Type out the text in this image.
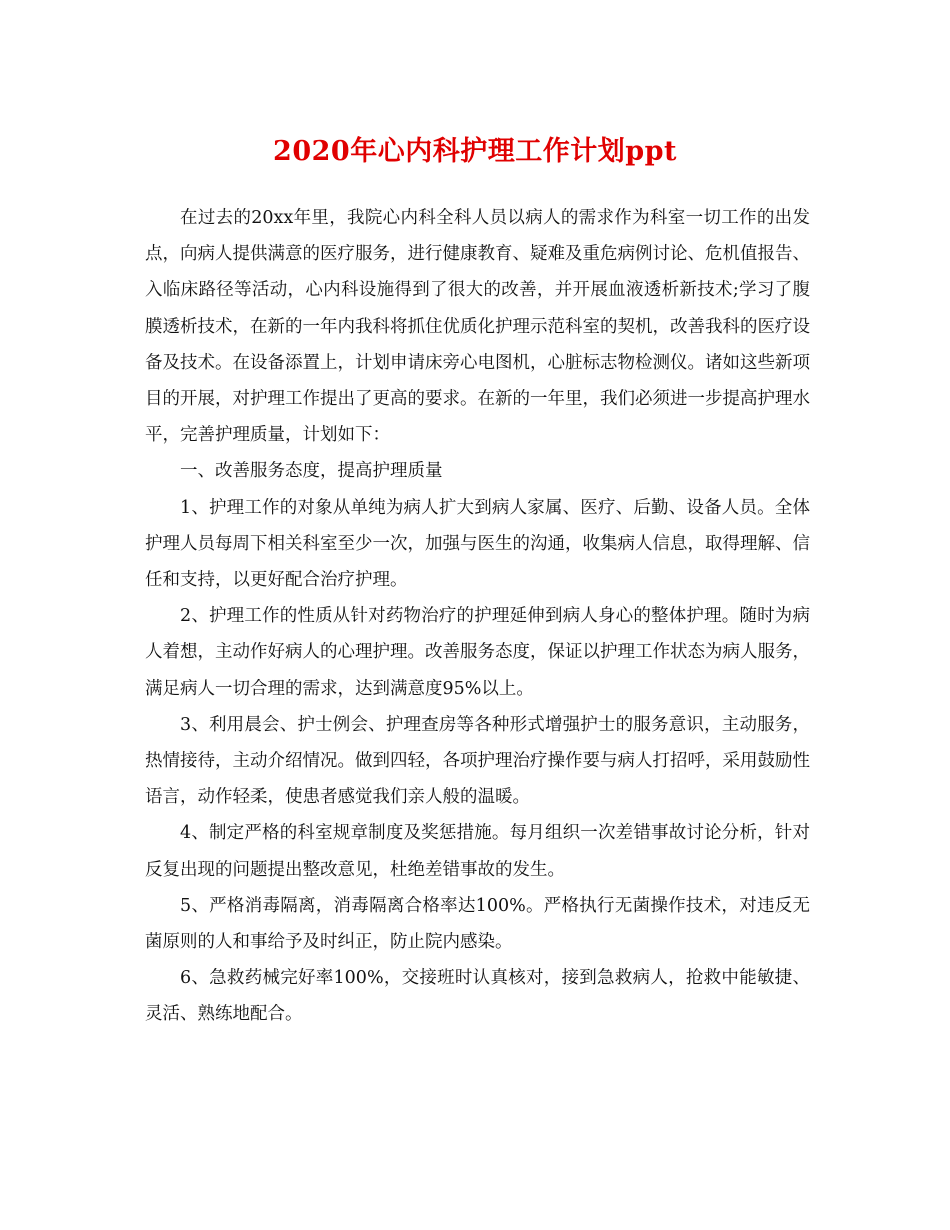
2020年心内科护理工作计划ppt

在过去的20xx年里，我院心内科全科人员以病人的需求作为科室一切工作的出发点，向病人提供满意的医疗服务，进行健康教育、疑难及重危病例讨论、危机值报告、入临床路径等活动，心内科设施得到了很大的改善，并开展血液透析新技术;学习了腹膜透析技术，在新的一年内我科将抓住优质化护理示范科室的契机，改善我科的医疗设备及技术。在设备添置上，计划申请床旁心电图机，心脏标志物检测仪。诸如这些新项目的开展，对护理工作提出了更高的要求。在新的一年里，我们必须进一步提高护理水平，完善护理质量，计划如下：

一、改善服务态度，提高护理质量

1、护理工作的对象从单纯为病人扩大到病人家属、医疗、后勤、设备人员。全体护理人员每周下相关科室至少一次，加强与医生的沟通，收集病人信息，取得理解、信任和支持，以更好配合治疗护理。

2、护理工作的性质从针对药物治疗的护理延伸到病人身心的整体护理。随时为病人着想，主动作好病人的心理护理。改善服务态度，保证以护理工作状态为病人服务，满足病人一切合理的需求，达到满意度95%以上。

3、利用晨会、护士例会、护理查房等各种形式增强护士的服务意识，主动服务，热情接待，主动介绍情况。做到四轻，各项护理治疗操作要与病人打招呼，采用鼓励性语言，动作轻柔，使患者感觉我们亲人般的温暖。

4、制定严格的科室规章制度及奖惩措施。每月组织一次差错事故讨论分析，针对反复出现的问题提出整改意见，杜绝差错事故的发生。

5、严格消毒隔离，消毒隔离合格率达100%。严格执行无菌操作技术，对违反无菌原则的人和事给予及时纠正，防止院内感染。

6、急救药械完好率100%，交接班时认真核对，接到急救病人，抢救中能敏捷、灵活、熟练地配合。
